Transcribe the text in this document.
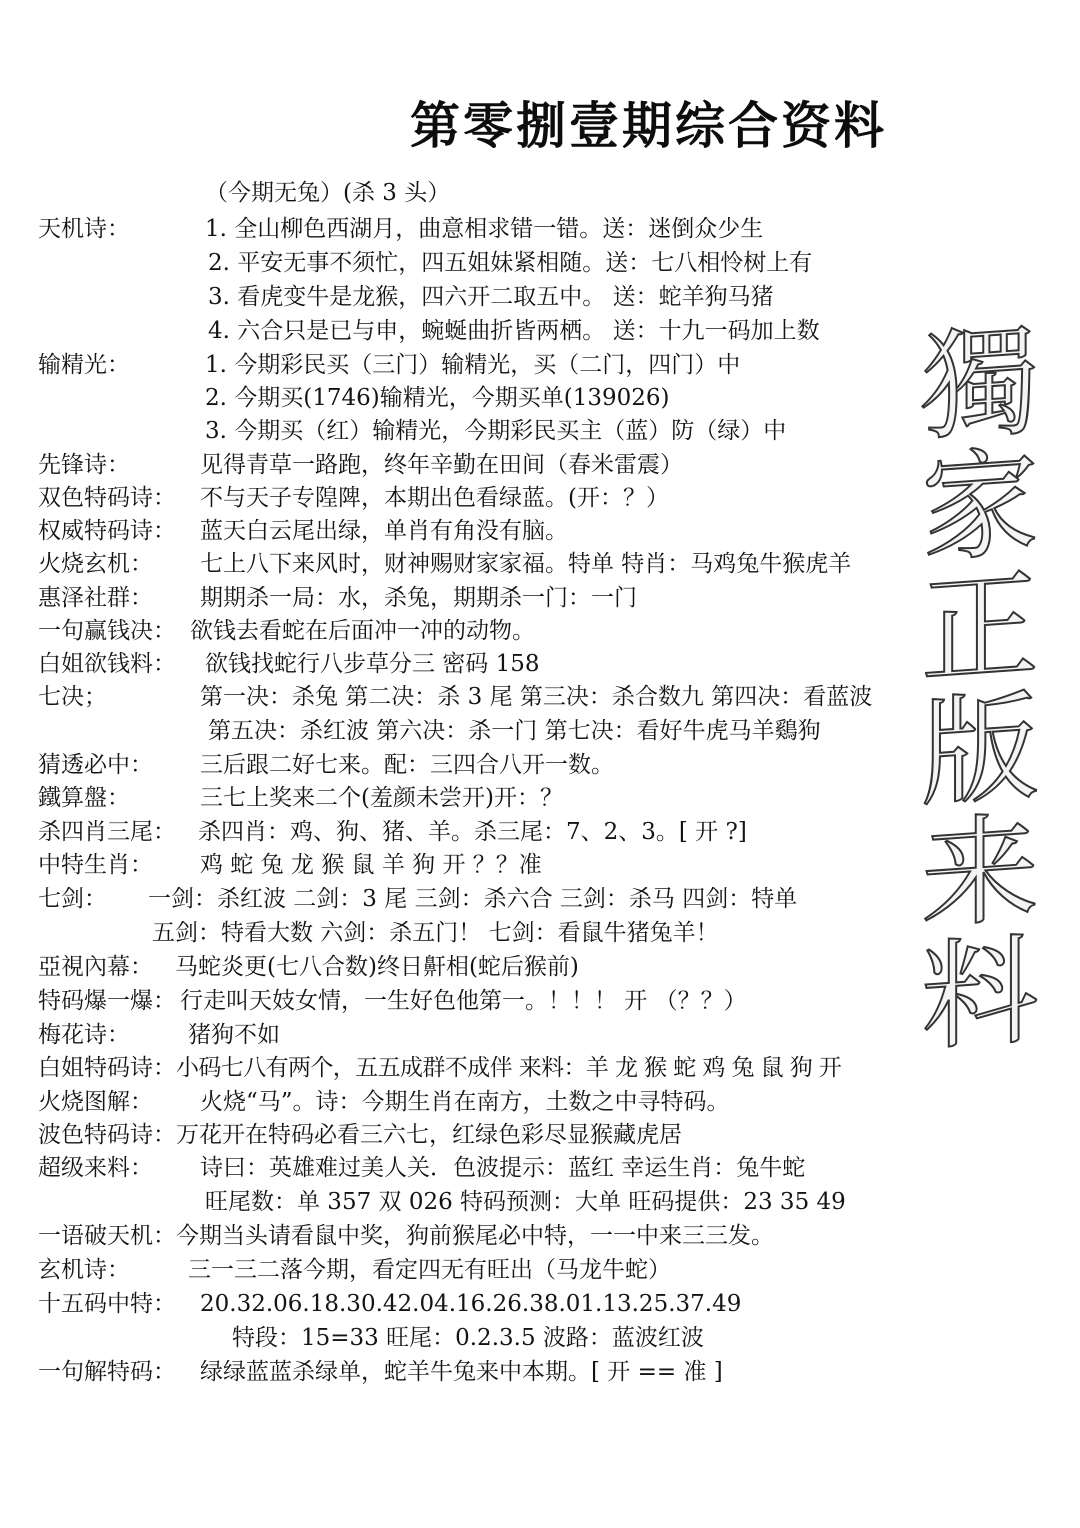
第零捌壹期综合资料
（今期无兔）(杀 3 头）
天机诗：	1. 全山柳色西湖月，曲意相求错一错。送：迷倒众少生
2. 平安无事不须忙，四五姐妹紧相随。送：七八相怜树上有
3. 看虎变牛是龙猴，四六开二取五中。 送：蛇羊狗马猪
4. 六合只是已与申，蜿蜒曲折皆两栖。 送：十九一码加上数
输精光：	1. 今期彩民买（三门）输精光，买（二门，四门）中
2. 今期买(1746)输精光，今期买单(139026)
3. 今期买（红）输精光，今期彩民买主（蓝）防（绿）中
先锋诗：	见得青草一路跑，终年辛勤在田间（春米雷震）
双色特码诗： 不与天子专隍陴，本期出色看绿蓝。(开：？）
权威特码诗： 蓝天白云尾出绿，单肖有角没有脑。
火烧玄机： 七上八下来风时，财神赐财家家福。特单 特肖：马鸡兔牛猴虎羊
惠泽社群： 期期杀一局：水，杀兔，期期杀一门：一门
一句赢钱决： 欲钱去看蛇在后面冲一冲的动物。
白姐欲钱料： 欲钱找蛇行八步草分三 密码 158
七决；	第一决：杀兔 第二决：杀 3 尾 第三决：杀合数九 第四决：看蓝波
第五决：杀红波 第六决：杀一门 第七决：看好牛虎马羊鷄狗
猜透必中： 三后跟二好七来。配：三四合八开一数。
鐵算盤：	三七上奖来二个(羞颜未尝开)开：？
杀四肖三尾： 杀四肖：鸡、狗、猪、羊。杀三尾：7、2、3。[ 开 ?]
中特生肖： 鸡 蛇 兔 龙 猴 鼠 羊 狗 开 ？？准
七剑： 一剑：杀红波 二剑：3 尾 三剑：杀六合 三剑：杀马 四剑：特单
五剑：特看大数 六剑：杀五门！ 七剑：看鼠牛猪兔羊！
亞視內幕： 马蛇炎更(七八合数)终日鼾相(蛇后猴前)
特码爆一爆： 行走叫天妓女情，一生好色他第一。！！！ 开 （？？）
梅花诗：	猪狗不如
白姐特码诗： 小码七八有两个，五五成群不成伴 来料：羊 龙 猴 蛇 鸡 兔 鼠 狗 开
火烧图解： 火烧“马”。诗：今期生肖在南方，土数之中寻特码。
波色特码诗： 万花开在特码必看三六七，红绿色彩尽显猴藏虎居
超级来料： 诗曰：英雄难过美人关．色波提示：蓝红 幸运生肖：兔牛蛇
旺尾数：单 357 双 026 特码预测：大单 旺码提供：23 35 49
一语破天机： 今期当头请看鼠中奖，狗前猴尾必中特，一一中来三三发。
玄机诗：	三一三二落今期，看定四无有旺出（马龙牛蛇）
十五码中特： 20.32.06.18.30.42.04.16.26.38.01.13.25.37.49
特段：15=33 旺尾：0.2.3.5 波路：蓝波红波
一句解特码： 绿绿蓝蓝杀绿单，蛇羊牛兔来中本期。[ 开 == 准 ]
獨
家
正
版
来
料
